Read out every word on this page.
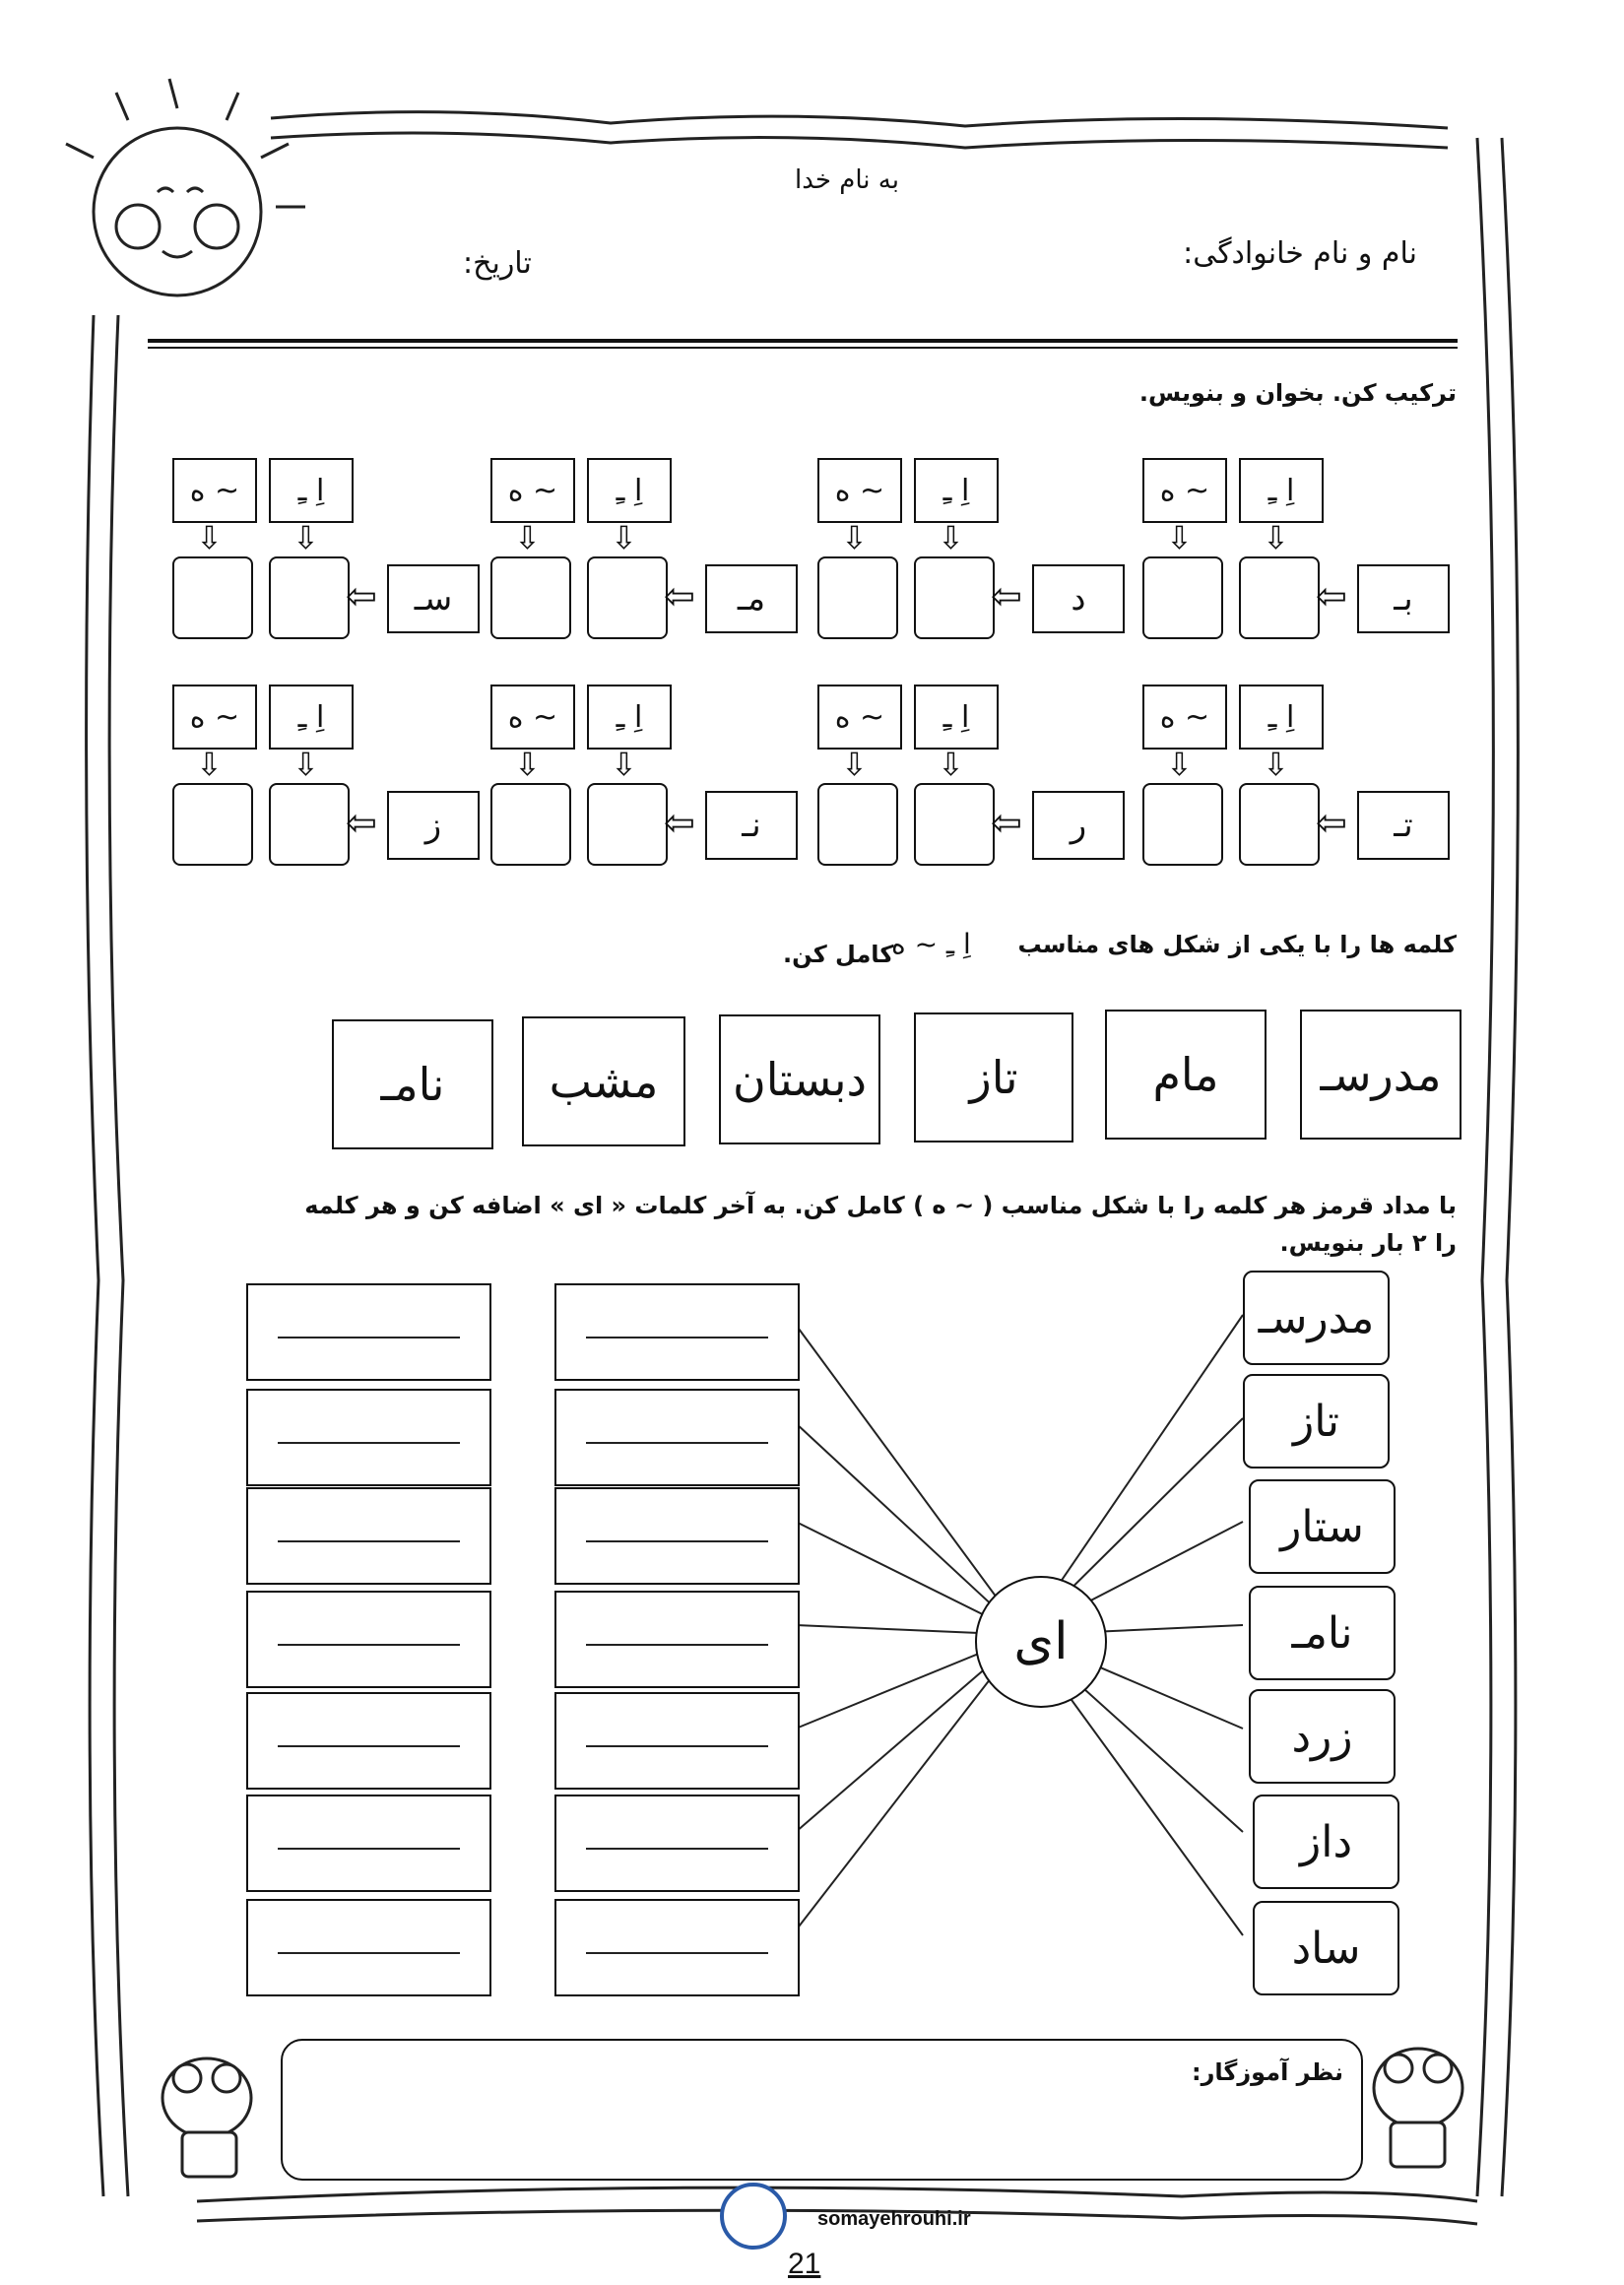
به نام خدا
نام و نام خانوادگی:
تاریخ:
ترکیب کن. بخوان و بنویس.
ه ~	اِ ـِ
⇩ ⇩
بـ
⇦
ه ~	اِ ـِ
⇩ ⇩
د
⇦
ه ~	اِ ـِ
⇩ ⇩
مـ
⇦
ه ~	اِ ـِ
⇩ ⇩
سـ
⇦
ه ~	اِ ـِ
⇩ ⇩
تـ
⇦
ه ~	اِ ـِ
⇩ ⇩
ر
⇦
ه ~	اِ ـِ
⇩ ⇩
نـ
⇦
ه ~	اِ ـِ
⇩ ⇩
ز
⇦
کلمه ها را با یکی از شکل های مناسب
اِ ـِ ~ ه
کامل کن.
مدرسـ
مام
تاز
دبستان
مشب
نامـ
با مداد قرمز هر کلمه را با شکل مناسب ( ~ ه ) کامل کن. به آخر کلمات « ای » اضافه کن و هر کلمه را ۲ بار بنویس.
ای
مدرسـ
تاز
ستار
نامـ
زرد
داز
ساد
نظر آموزگار:
somayehrouhi.ir
21
